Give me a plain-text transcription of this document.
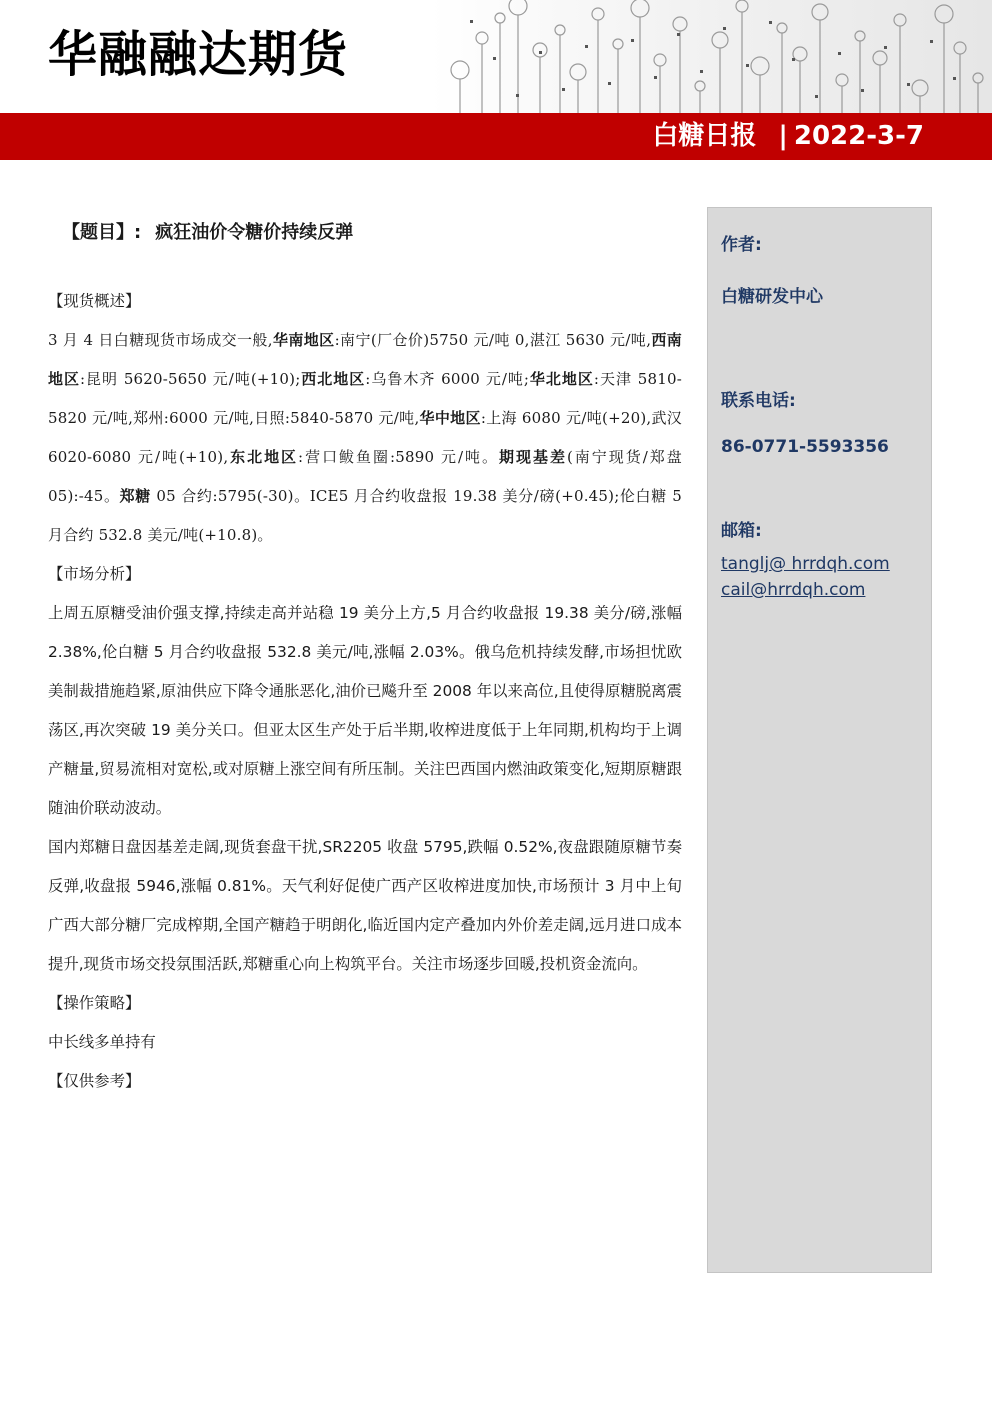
华融融达期货
白糖日报 | 2022-3-7
【题目】: 疯狂油价令糖价持续反弹

【现货概述】

3 月 4 日白糖现货市场成交一般,华南地区:南宁(厂仓价)5750 元/吨 0,湛江 5630 元/吨,西南地区:昆明 5620-5650 元/吨(+10);西北地区:乌鲁木齐 6000 元/吨;华北地区:天津 5810-5820 元/吨,郑州:6000 元/吨,日照:5840-5870 元/吨,华中地区:上海 6080 元/吨(+20),武汉 6020-6080 元/吨(+10),东北地区:营口鲅鱼圈:5890 元/吨。期现基差(南宁现货/郑盘 05):-45。郑糖 05 合约:5795(-30)。ICE5 月合约收盘报 19.38 美分/磅(+0.45);伦白糖 5 月合约 532.8 美元/吨(+10.8)。

【市场分析】

上周五原糖受油价强支撑,持续走高并站稳 19 美分上方,5 月合约收盘报 19.38 美分/磅,涨幅 2.38%,伦白糖 5 月合约收盘报 532.8 美元/吨,涨幅 2.03%。俄乌危机持续发酵,市场担忧欧美制裁措施趋紧,原油供应下降令通胀恶化,油价已飚升至 2008 年以来高位,且使得原糖脱离震荡区,再次突破 19 美分关口。但亚太区生产处于后半期,收榨进度低于上年同期,机构均于上调产糖量,贸易流相对宽松,或对原糖上涨空间有所压制。关注巴西国内燃油政策变化,短期原糖跟随油价联动波动。

国内郑糖日盘因基差走阔,现货套盘干扰,SR2205 收盘 5795,跌幅 0.52%,夜盘跟随原糖节奏反弹,收盘报 5946,涨幅 0.81%。天气利好促使广西产区收榨进度加快,市场预计 3 月中上旬广西大部分糖厂完成榨期,全国产糖趋于明朗化,临近国内定产叠加内外价差走阔,远月进口成本提升,现货市场交投氛围活跃,郑糖重心向上构筑平台。关注市场逐步回暖,投机资金流向。

【操作策略】

中长线多单持有

【仅供参考】

作者:
白糖研发中心
联系电话:
86-0771-5593356
邮箱:
tanglj@ hrrdqh.com
cail@hrrdqh.com
